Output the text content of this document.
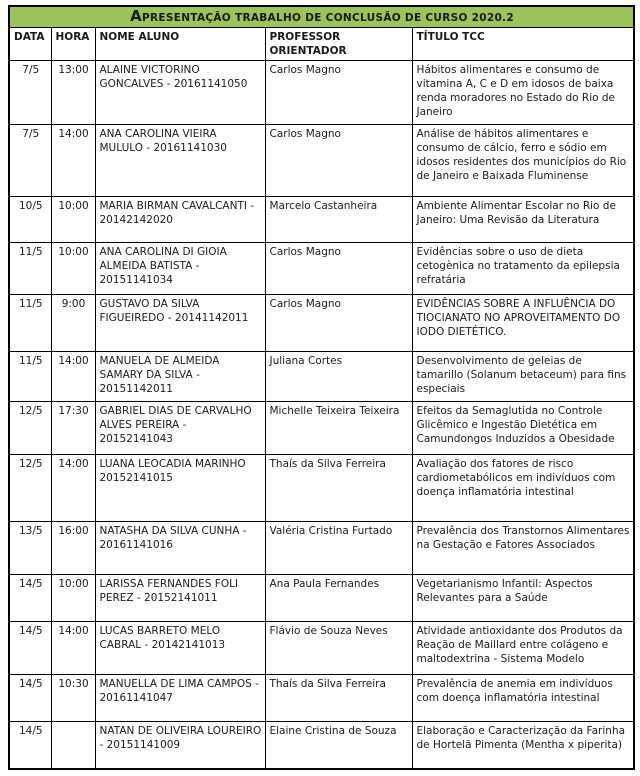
APRESENTAÇÃO TRABALHO DE CONCLUSÃO DE CURSO 2020.2				
DATA	HORA	NOME ALUNO	PROFESSOR ORIENTADOR	TÍTULO TCC
7/5	13:00	ALAINE VICTORINO GONCALVES - 20161141050	Carlos Magno	Hábitos alimentares e consumo de vitamina A, C e D em idosos de baixa renda moradores no Estado do Rio de Janeiro
7/5	14:00	ANA CAROLINA VIEIRA MULULO - 20161141030	Carlos Magno	Análise de hábitos alimentares e consumo de cálcio, ferro e sódio em idosos residentes dos municípios do Rio de Janeiro e Baixada Fluminense
10/5	10:00	MARIA BIRMAN CAVALCANTI - 20142142020	Marcelo Castanheira	Ambiente Alimentar Escolar no Rio de Janeiro: Uma Revisão da Literatura
11/5	10:00	ANA CAROLINA DI GIOIA ALMEIDA BATISTA - 20151141034	Carlos Magno	Evidências sobre o uso de dieta cetogènica no tratamento da epilepsia refratária
11/5	9:00	GUSTAVO DA SILVA FIGUEIREDO - 20141142011	Carlos Magno	EVIDÊNCIAS SOBRE A INFLUÊNCIA DO TIOCIANATO NO APROVEITAMENTO DO IODO DIETÉTICO.
11/5	14:00	MANUELA DE ALMEIDA SAMARY DA SILVA - 20151142011	Juliana Cortes	Desenvolvimento de geleias de tamarillo (Solanum betaceum) para fins especiais
12/5	17:30	GABRIEL DIAS DE CARVALHO ALVES PEREIRA - 20152141043	Michelle Teixeira Teixeira	Efeitos da Semaglutida no Controle Glicêmico e Ingestão Dietética em Camundongos Induzidos a Obesidade
12/5	14:00	LUANA LEOCADIA MARINHO 20152141015	Thaís da Silva Ferreira	Avaliação dos fatores de risco cardiometabólicos em indivíduos com doença inflamatória intestinal
13/5	16:00	NATASHA DA SILVA CUNHA - 20161141016	Valéria Cristina Furtado	Prevalência dos Transtornos Alimentares na Gestação e Fatores Associados
14/5	10:00	LARISSA FERNANDES FOLI PEREZ - 20152141011	Ana Paula Fernandes	Vegetarianismo Infantil: Aspectos Relevantes para a Saúde
14/5	14:00	LUCAS BARRETO MELO CABRAL - 20142141013	Flávio de Souza Neves	Atividade antioxidante dos Produtos da Reação de Maillard entre colágeno e maltodextrina - Sistema Modelo
14/5	10:30	MANUELLA DE LIMA CAMPOS - 20161141047	Thaís da Silva Ferreira	Prevalência de anemia em indivíduos com doença inflamatória intestinal
14/5		NATAN DE OLIVEIRA LOUREIRO - 20151141009	Elaine Cristina de Souza	Elaboração e Caracterização da Farinha de Hortelã Pimenta (Mentha x piperita)
